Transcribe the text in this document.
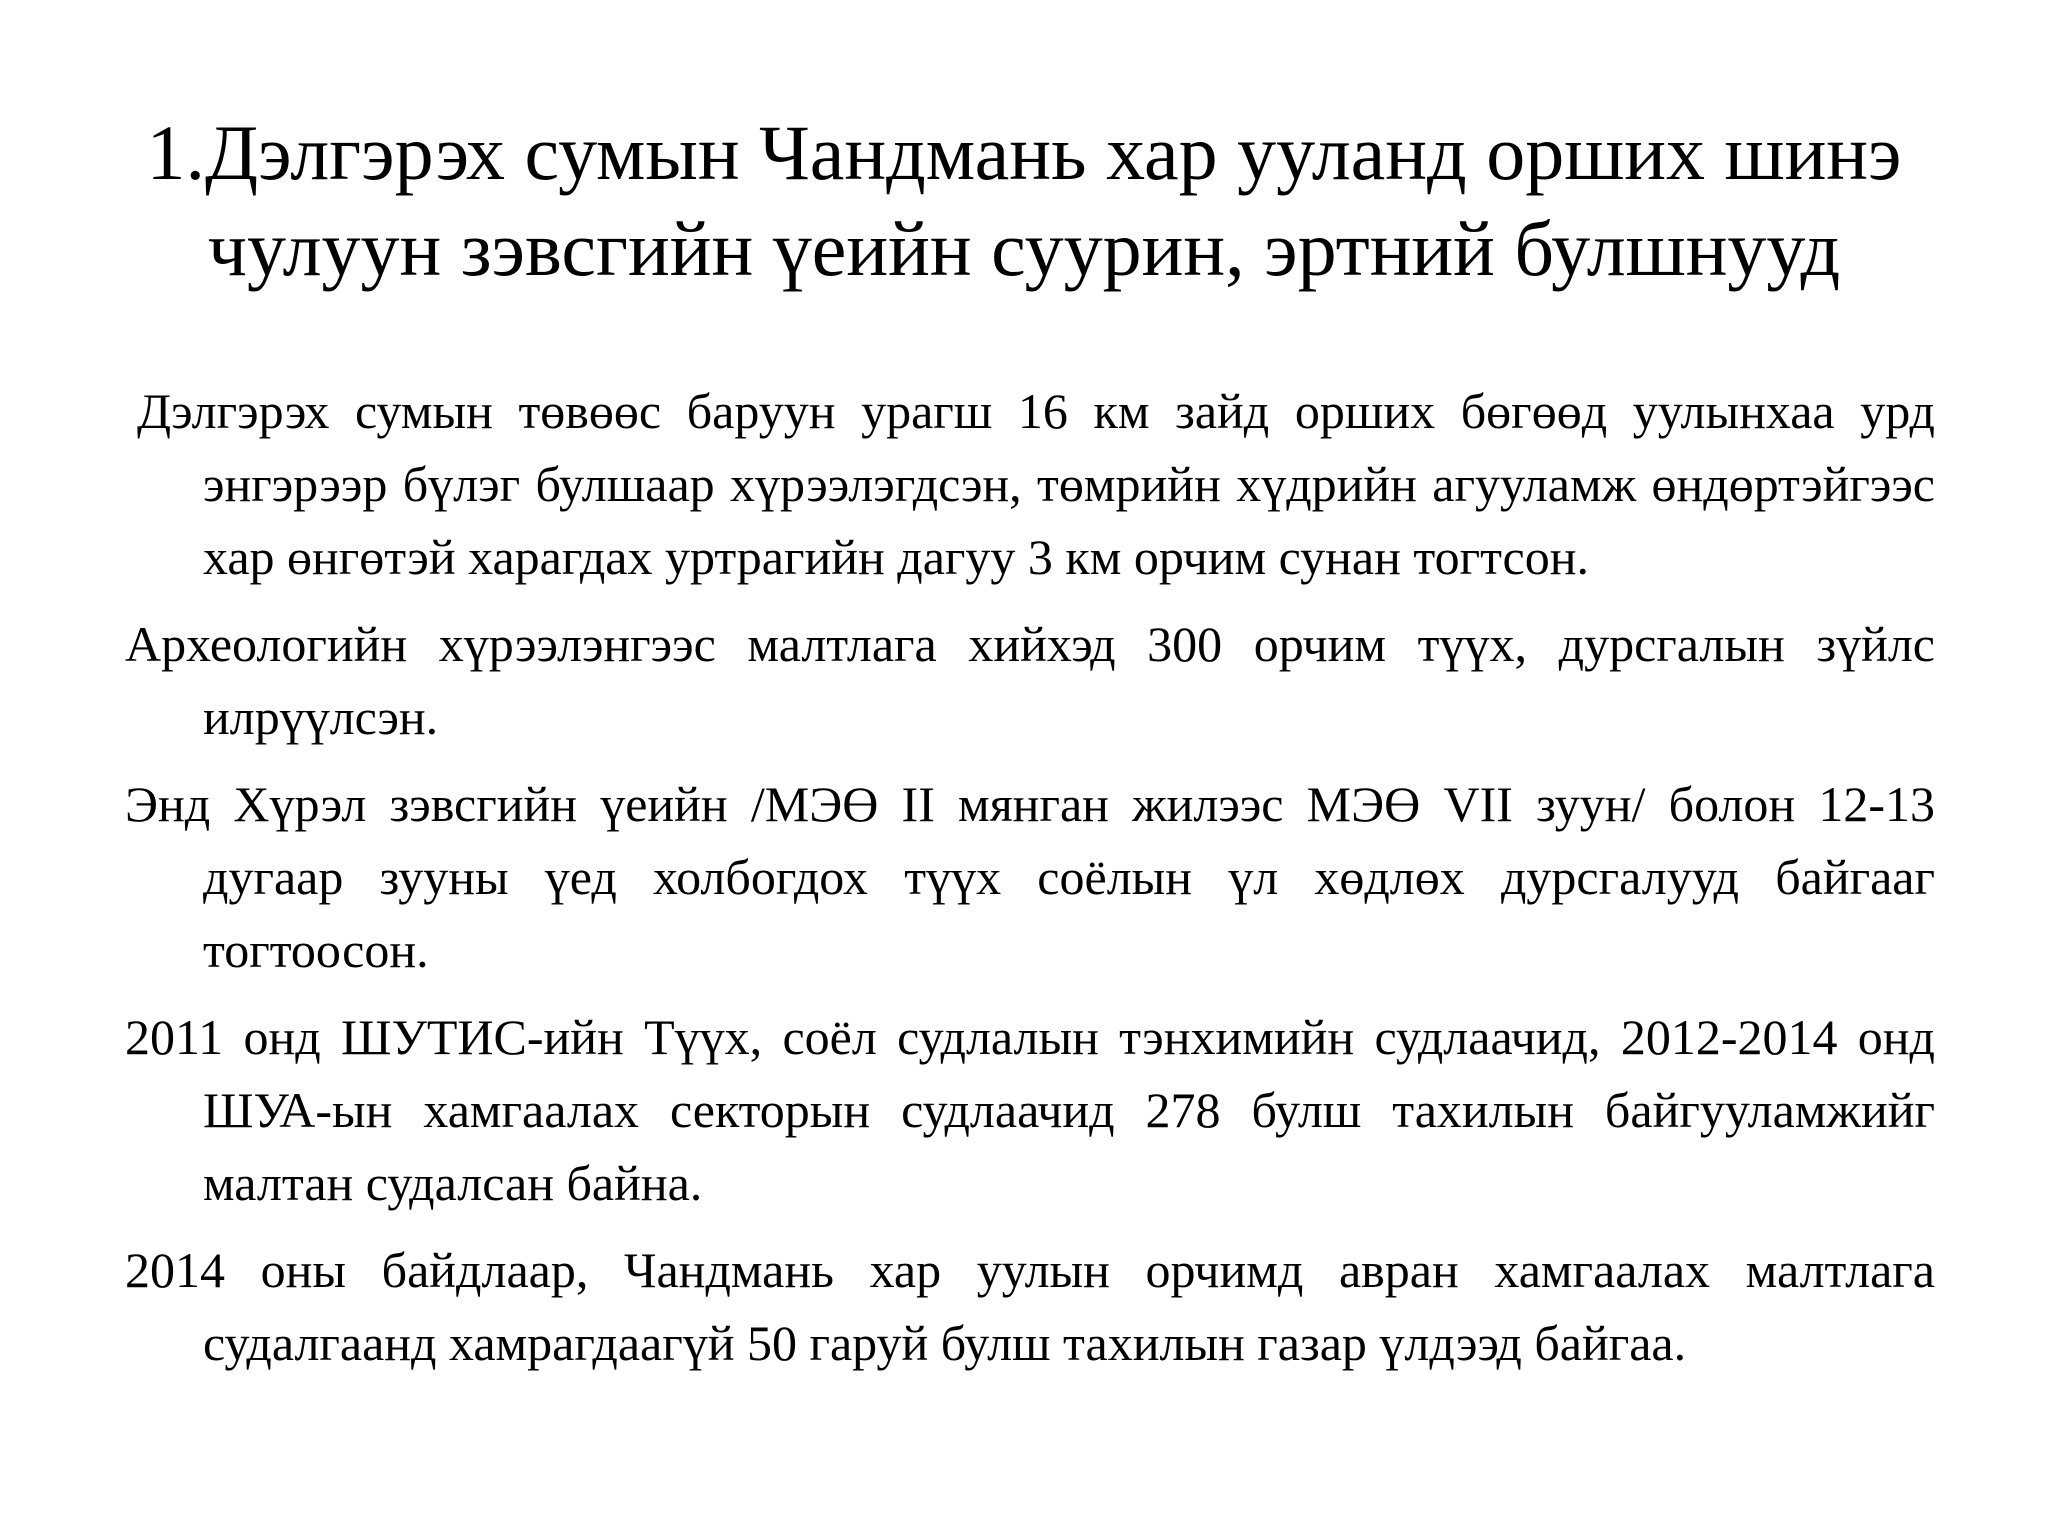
1.Дэлгэрэх сумын Чандмань хар ууланд орших шинэ
чулуун зэвсгийн үеийн суурин, эртний булшнууд

Дэлгэрэх сумын төвөөс баруун урагш 16 км зайд орших бөгөөд уулынхаа урд энгэрээр бүлэг булшаар хүрээлэгдсэн, төмрийн хүдрийн агууламж өндөртэйгээс хар өнгөтэй харагдах уртрагийн дагуу 3 км орчим сунан тогтсон.

Археологийн хүрээлэнгээс малтлага хийхэд 300 орчим түүх, дурсгалын зүйлс илрүүлсэн.

Энд Хүрэл зэвсгийн үеийн /МЭӨ II мянган жилээс МЭӨ VII зуун/ болон 12-13 дугаар зууны үед холбогдох түүх соёлын үл хөдлөх дурсгалууд байгааг тогтоосон.

2011 онд ШУТИС-ийн Түүх, соёл судлалын тэнхимийн судлаачид, 2012-2014 онд ШУА-ын хамгаалах секторын судлаачид 278 булш тахилын байгууламжийг малтан судалсан байна.

2014 оны байдлаар, Чандмань хар уулын орчимд авран хамгаалах малтлага судалгаанд хамрагдаагүй 50 гаруй булш тахилын газар үлдээд байгаа.
